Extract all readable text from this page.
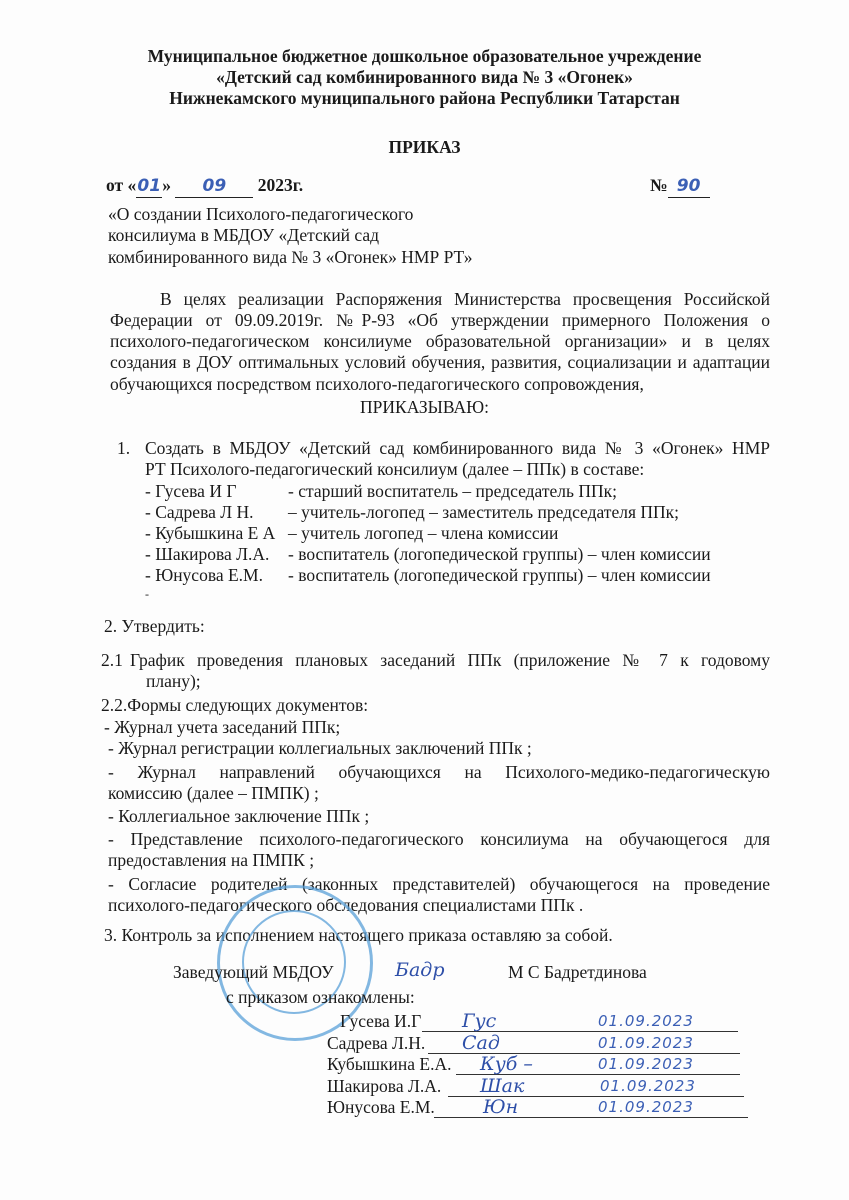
Муниципальное бюджетное дошкольное образовательное учреждение
«Детский сад комбинированного вида № 3 «Огонек»
Нижнекамского муниципального района Республики Татарстан
ПРИКАЗ
от «01» 09 2023г.	№ 90
«О создании Психолого-педагогического
консилиума в МБДОУ «Детский сад
комбинированного вида № 3 «Огонек» НМР РТ»
В целях реализации Распоряжения Министерства просвещения Российской
Федерации от 09.09.2019г. №Р-93 «Об утверждении примерного Положения о
психолого-педагогическом консилиуме образовательной организации» и в целях
создания в ДОУ оптимальных условий обучения, развития, социализации и адаптации
обучающихся посредством психолого-педагогического сопровождения,
ПРИКАЗЫВАЮ:
1. Создать в МБДОУ «Детский сад комбинированного вида № 3 «Огонек» НМР
РТ Психолого-педагогический консилиум (далее – ППк) в составе:
- Гусева И Г	- старший воспитатель – председатель ППк;
- Садрева Л Н. – учитель-логопед – заместитель председателя ППк;
- Кубышкина Е А – учитель логопед – члена комиссии
- Шакирова Л.А. - воспитатель (логопедической группы) – член комиссии
- Юнусова Е.М. - воспитатель (логопедической группы) – член комиссии
-
2. Утвердить:
2.1 График проведения плановых заседаний ППк (приложение № 7 к годовому
плану);
2.2.Формы следующих документов:
- Журнал учета заседаний ППк;
- Журнал регистрации коллегиальных заключений ППк ;
- Журнал направлений обучающихся на Психолого-медико-педагогическую
комиссию (далее – ПМПК) ;
- Коллегиальное заключение ППк ;
- Представление психолого-педагогического консилиума на обучающегося для
предоставления на ПМПК ;
- Согласие родителей (законных представителей) обучающегося на проведение
психолого-педагогического обследования специалистами ППк .
3. Контроль за исполнением настоящего приказа оставляю за собой.
Заведующий МБДОУ	Бадр	М С Бадретдинова
с приказом ознакомлены:
Гусева И.Г Гус	01.09.2023
Садрева Л.Н. Сад	01.09.2023
Кубышкина Е.А. Куб –	01.09.2023
Шакирова Л.А. Шак	01.09.2023
Юнусова Е.М.	Юн	01.09.2023
